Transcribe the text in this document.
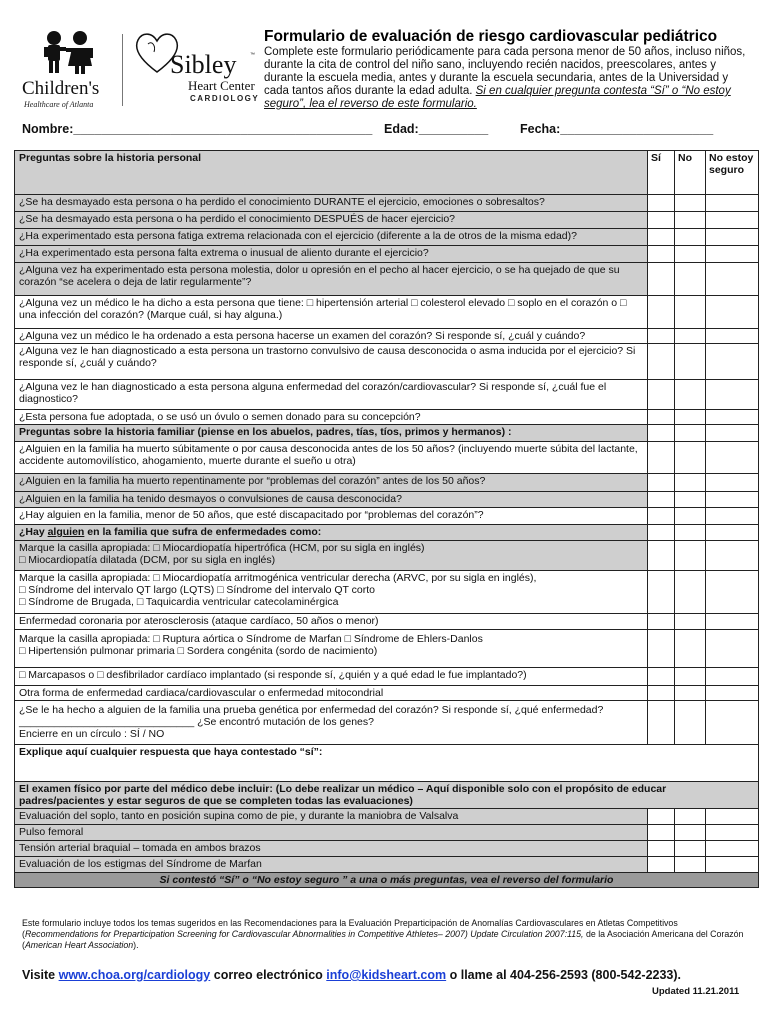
Children's
Healthcare of Atlanta
Sibley	™
Heart Center
CARDIOLOGY
Formulario de evaluación de riesgo cardiovascular pediátrico
Complete este formulario periódicamente para cada persona menor de 50 años, incluso niños, durante la cita de control del niño sano, incluyendo recién nacidos, preescolares, antes y durante la escuela media, antes y durante la escuela secundaria, antes de la Universidad y cada tantos años durante la edad adulta. Si en cualquier pregunta contesta “Sí” o “No estoy seguro”, lea el reverso de este formulario.
Nombre:___________________________________________ Edad:__________	Fecha:______________________
Preguntas sobre la historia personal	Sí	No	No estoy seguro
¿Se ha desmayado esta persona o ha perdido el conocimiento DURANTE el ejercicio, emociones o sobresaltos?			
¿Se ha desmayado esta persona o ha perdido el conocimiento DESPUÉS de hacer ejercicio?			
¿Ha experimentado esta persona fatiga extrema relacionada con el ejercicio (diferente a la de otros de la misma edad)?			
¿Ha experimentado esta persona falta extrema o inusual de aliento durante el ejercicio?			
¿Alguna vez ha experimentado esta persona molestia, dolor u opresión en el pecho al hacer ejercicio, o se ha quejado de que su corazón “se acelera o deja de latir regularmente”?			
¿Alguna vez un médico le ha dicho a esta persona que tiene: □ hipertensión arterial □ colesterol elevado □ soplo en el corazón o □ una infección del corazón? (Marque cuál, si hay alguna.)			
¿Alguna vez un médico le ha ordenado a esta persona hacerse un examen del corazón? Si responde sí, ¿cuál y cuándo?			
¿Alguna vez le han diagnosticado a esta persona un trastorno convulsivo de causa desconocida o asma inducida por el ejercicio? Si responde sí, ¿cuál y cuándo?			
¿Alguna vez le han diagnosticado a esta persona alguna enfermedad del corazón/cardiovascular? Si responde sí, ¿cuál fue el diagnostico?			
¿Esta persona fue adoptada, o se usó un óvulo o semen donado para su concepción?			
Preguntas sobre la historia familiar (piense en los abuelos, padres, tías, tíos, primos y hermanos) :			
¿Alguien en la familia ha muerto súbitamente o por causa desconocida antes de los 50 años? (incluyendo muerte súbita del lactante, accidente automovilístico, ahogamiento, muerte durante el sueño u otra)			
¿Alguien en la familia ha muerto repentinamente por “problemas del corazón” antes de los 50 años?			
¿Alguien en la familia ha tenido desmayos o convulsiones de causa desconocida?			
¿Hay alguien en la familia, menor de 50 años, que esté discapacitado por “problemas del corazón”?			
¿Hay alguien en la familia que sufra de enfermedades como:			
Marque la casilla apropiada: □ Miocardiopatía hipertrófica (HCM, por su sigla en inglés)
□ Miocardiopatía dilatada (DCM, por su sigla en inglés)			
Marque la casilla apropiada: □ Miocardiopatía arritmogénica ventricular derecha (ARVC, por su sigla en inglés),
□ Síndrome del intervalo QT largo (LQTS) □ Síndrome del intervalo QT corto
□ Síndrome de Brugada, □ Taquicardia ventricular catecolaminérgica			
Enfermedad coronaria por aterosclerosis (ataque cardíaco, 50 años o menor)			
Marque la casilla apropiada: □ Ruptura aórtica o Síndrome de Marfan □ Síndrome de Ehlers-Danlos
□ Hipertensión pulmonar primaria □ Sordera congénita (sordo de nacimiento)			
□ Marcapasos o □ desfibrilador cardíaco implantado (si responde sí, ¿quién y a qué edad le fue implantado?)			
Otra forma de enfermedad cardiaca/cardiovascular o enfermedad mitocondrial			
¿Se le ha hecho a alguien de la familia una prueba genética por enfermedad del corazón? Si responde sí, ¿qué enfermedad? ______________________________ ¿Se encontró mutación de los genes?
Encierre en un círculo : SÍ / NO			
Explique aquí cualquier respuesta que haya contestado “sí”:			
El examen físico por parte del médico debe incluir: (Lo debe realizar un médico – Aquí disponible solo con el propósito de educar padres/pacientes y estar seguros de que se completen todas las evaluaciones)			
Evaluación del soplo, tanto en posición supina como de pie, y durante la maniobra de Valsalva			
Pulso femoral			
Tensión arterial braquial – tomada en ambos brazos			
Evaluación de los estigmas del Síndrome de Marfan			
Si contestó “Sí” o “No estoy seguro ” a una o más preguntas, vea el reverso del formulario			
Este formulario incluye todos los temas sugeridos en las Recomendaciones para la Evaluación Preparticipación de Anomalías Cardiovasculares en Atletas Competitivos (Recommendations for Preparticipation Screening for Cardiovascular Abnormalities in Competitive Athletes– 2007) Update Circulation 2007:115, de la Asociación Americana del Corazón (American Heart Association).
Visite www.choa.org/cardiology correo electrónico info@kidsheart.com o llame al 404-256-2593 (800-542-2233).
Updated 11.21.2011
